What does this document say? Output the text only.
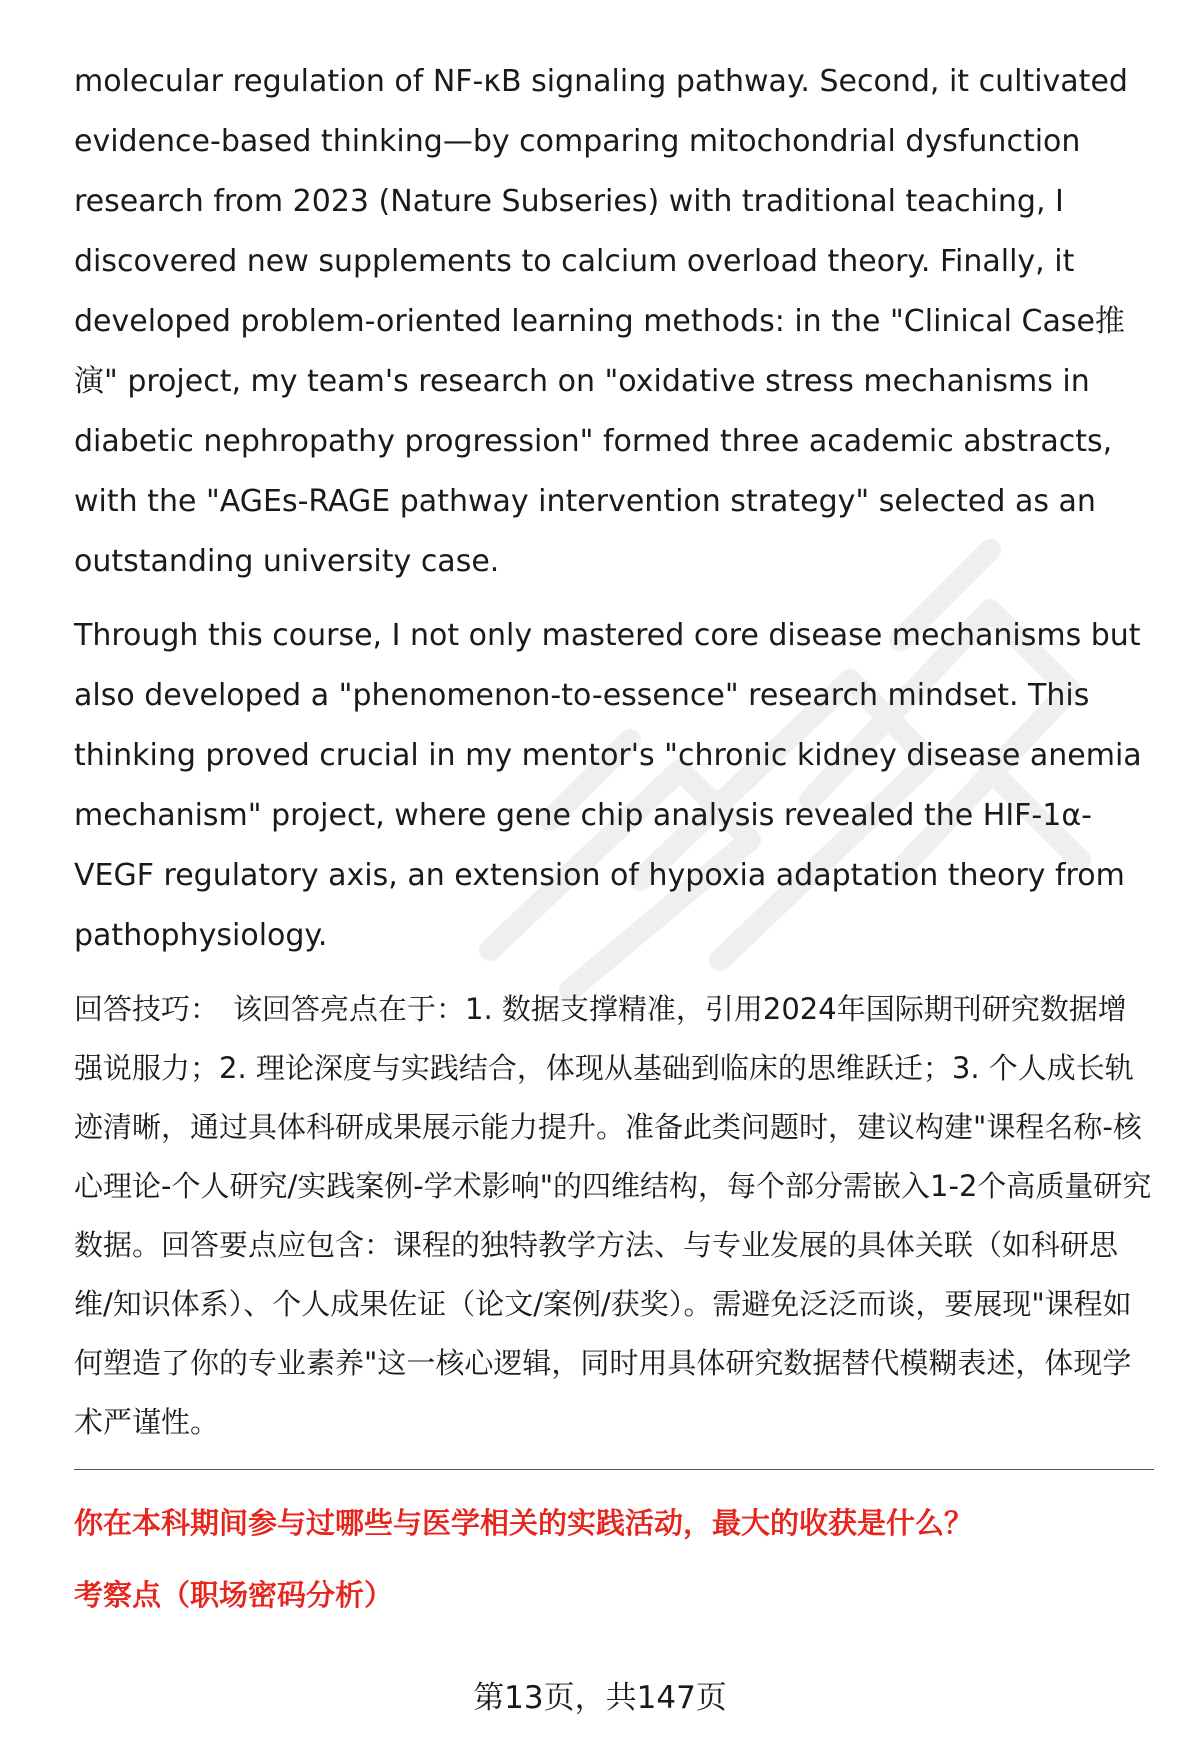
molecular regulation of NF-κB signaling pathway. Second, it cultivated evidence-based thinking—by comparing mitochondrial dysfunction research from 2023 (Nature Subseries) with traditional teaching, I discovered new supplements to calcium overload theory. Finally, it developed problem-oriented learning methods: in the "Clinical Case推演" project, my team's research on "oxidative stress mechanisms in diabetic nephropathy progression" formed three academic abstracts, with the "AGEs-RAGE pathway intervention strategy" selected as an outstanding university case.

Through this course, I not only mastered core disease mechanisms but also developed a "phenomenon-to-essence" research mindset. This thinking proved crucial in my mentor's "chronic kidney disease anemia mechanism" project, where gene chip analysis revealed the HIF-1α-VEGF regulatory axis, an extension of hypoxia adaptation theory from pathophysiology.

回答技巧： 该回答亮点在于：1. 数据支撑精准，引用2024年国际期刊研究数据增强说服力；2. 理论深度与实践结合，体现从基础到临床的思维跃迁；3. 个人成长轨迹清晰，通过具体科研成果展示能力提升。准备此类问题时，建议构建"课程名称-核心理论-个人研究/实践案例-学术影响"的四维结构，每个部分需嵌入1-2个高质量研究数据。回答要点应包含：课程的独特教学方法、与专业发展的具体关联（如科研思维/知识体系）、个人成果佐证（论文/案例/获奖）。需避免泛泛而谈，要展现"课程如何塑造了你的专业素养"这一核心逻辑，同时用具体研究数据替代模糊表述，体现学术严谨性。

你在本科期间参与过哪些与医学相关的实践活动，最大的收获是什么？

考察点（职场密码分析）

第13页，共147页
